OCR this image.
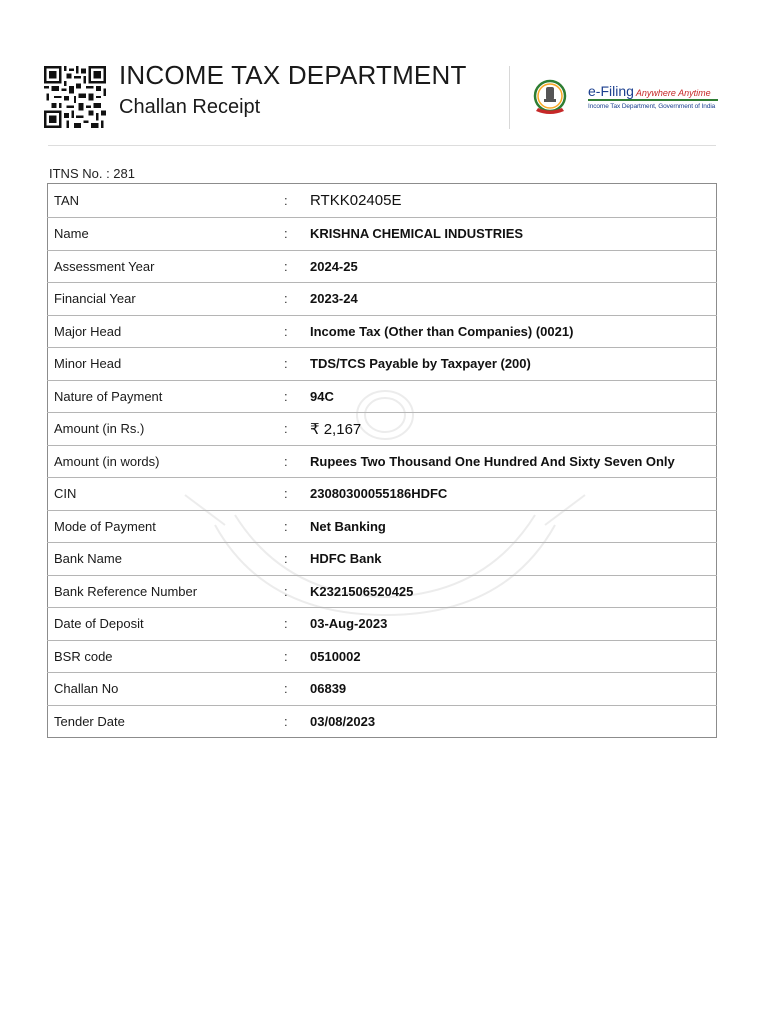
INCOME TAX DEPARTMENT
Challan Receipt
e-Filing Anywhere Anytime
Income Tax Department, Government of India
ITNS No. : 281
TAN	:	RTKK02405E
Name	:	KRISHNA CHEMICAL INDUSTRIES
Assessment Year	:	2024-25
Financial Year	:	2023-24
Major Head	:	Income Tax (Other than Companies) (0021)
Minor Head	:	TDS/TCS Payable by Taxpayer (200)
Nature of Payment	:	94C
Amount (in Rs.)	:	₹ 2,167
Amount (in words)	:	Rupees Two Thousand One Hundred And Sixty Seven Only
CIN	:	23080300055186HDFC
Mode of Payment	:	Net Banking
Bank Name	:	HDFC Bank
Bank Reference Number	:	K2321506520425
Date of Deposit	:	03-Aug-2023
BSR code	:	0510002
Challan No	:	06839
Tender Date	:	03/08/2023
